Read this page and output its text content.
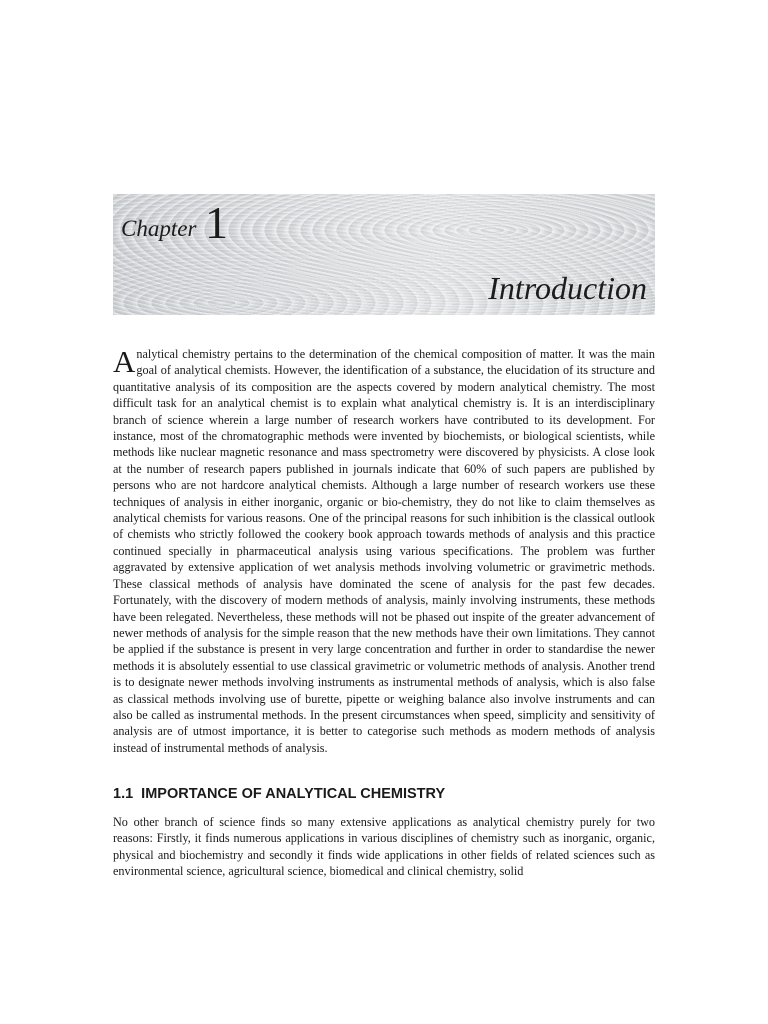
Chapter 1
Introduction
Analytical chemistry pertains to the determination of the chemical composition of matter. It was the main goal of analytical chemists. However, the identification of a substance, the elucidation of its structure and quantitative analysis of its composition are the aspects covered by modern analytical chemistry. The most difficult task for an analytical chemist is to explain what analytical chemistry is. It is an interdisciplinary branch of science wherein a large number of research workers have contributed to its development. For instance, most of the chromatographic methods were invented by biochemists, or biological scientists, while methods like nuclear magnetic resonance and mass spectrometry were discovered by physicists. A close look at the number of research papers published in journals indicate that 60% of such papers are published by persons who are not hardcore analytical chemists. Although a large number of research workers use these techniques of analysis in either inorganic, organic or bio-chemistry, they do not like to claim themselves as analytical chemists for various reasons. One of the principal reasons for such inhibition is the classical outlook of chemists who strictly followed the cookery book approach towards methods of analysis and this practice continued specially in pharmaceutical analysis using various specifications. The problem was further aggravated by extensive application of wet analysis methods involving volumetric or gravimetric methods. These classical methods of analysis have dominated the scene of analysis for the past few decades. Fortunately, with the discovery of modern methods of analysis, mainly involving instruments, these methods have been relegated. Nevertheless, these methods will not be phased out inspite of the greater advancement of newer methods of analysis for the simple reason that the new methods have their own limitations. They cannot be applied if the substance is present in very large concentration and further in order to standardise the newer methods it is absolutely essential to use classical gravimetric or volumetric methods of analysis. Another trend is to designate newer methods involving instruments as instrumental methods of analysis, which is also false as classical methods involving use of burette, pipette or weighing balance also involve instruments and can also be called as instrumental methods. In the present circumstances when speed, simplicity and sensitivity of analysis are of utmost importance, it is better to categorise such methods as modern methods of analysis instead of instrumental methods of analysis.
1.1 IMPORTANCE OF ANALYTICAL CHEMISTRY
No other branch of science finds so many extensive applications as analytical chemistry purely for two reasons: Firstly, it finds numerous applications in various disciplines of chemistry such as inorganic, organic, physical and biochemistry and secondly it finds wide applications in other fields of related sciences such as environmental science, agricultural science, biomedical and clinical chemistry, solid
